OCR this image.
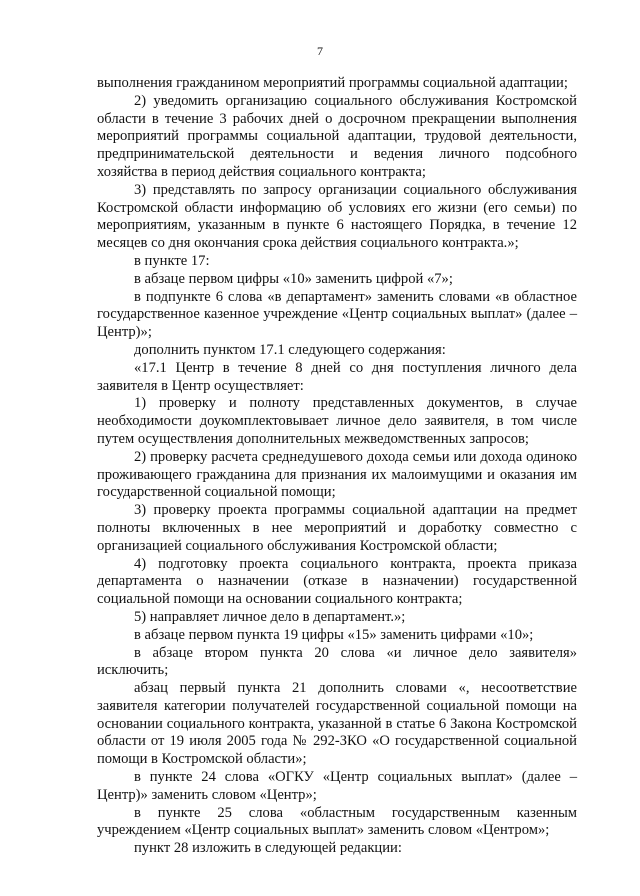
7

выполнения гражданином мероприятий программы социальной адаптации;

2) уведомить организацию социального обслуживания Костромской области в течение 3 рабочих дней о досрочном прекращении выполнения мероприятий программы социальной адаптации, трудовой деятельности, предпринимательской деятельности и ведения личного подсобного хозяйства в период действия социального контракта;

3) представлять по запросу организации социального обслуживания Костромской области информацию об условиях его жизни (его семьи) по мероприятиям, указанным в пункте 6 настоящего Порядка, в течение 12 месяцев со дня окончания срока действия социального контракта.»;

в пункте 17:

в абзаце первом цифры «10» заменить цифрой «7»;

в подпункте 6 слова «в департамент» заменить словами «в областное государственное казенное учреждение «Центр социальных выплат» (далее – Центр)»;

дополнить пунктом 17.1 следующего содержания:

«17.1 Центр в течение 8 дней со дня поступления личного дела заявителя в Центр осуществляет:

1) проверку и полноту представленных документов, в случае необходимости доукомплектовывает личное дело заявителя, в том числе путем осуществления дополнительных межведомственных запросов;

2) проверку расчета среднедушевого дохода семьи или дохода одиноко проживающего гражданина для признания их малоимущими и оказания им государственной социальной помощи;

3) проверку проекта программы социальной адаптации на предмет полноты включенных в нее мероприятий и доработку совместно с организацией социального обслуживания Костромской области;

4) подготовку проекта социального контракта, проекта приказа департамента о назначении (отказе в назначении) государственной социальной помощи на основании социального контракта;

5) направляет личное дело в департамент.»;

в абзаце первом пункта 19 цифры «15» заменить цифрами «10»;

в абзаце втором пункта 20 слова «и личное дело заявителя» исключить;

абзац первый пункта 21 дополнить словами «, несоответствие заявителя категории получателей государственной социальной помощи на основании социального контракта, указанной в статье 6 Закона Костромской области от 19 июля 2005 года № 292-ЗКО «О государственной социальной помощи в Костромской области»;

в пункте 24 слова «ОГКУ «Центр социальных выплат» (далее – Центр)» заменить словом «Центр»;

в пункте 25 слова «областным государственным казенным учреждением «Центр социальных выплат» заменить словом «Центром»;

пункт 28 изложить в следующей редакции:
